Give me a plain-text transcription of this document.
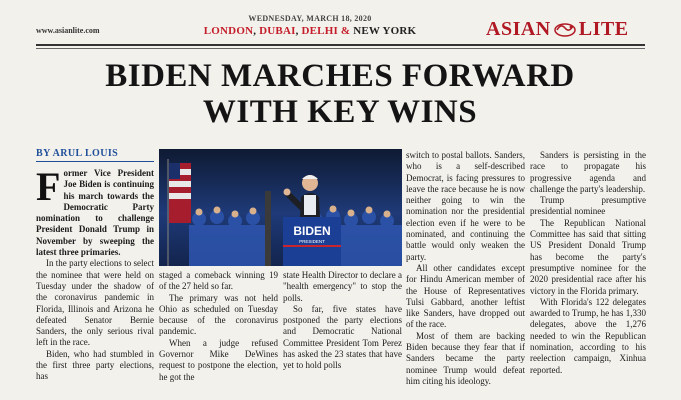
www.asianlite.com
WEDNESDAY, MARCH 18, 2020
LONDON, DUBAI, DELHI & NEW YORK	ASIAN LITE
BIDEN MARCHES FORWARD
WITH KEY WINS
BY ARUL LOUIS

Former Vice President Joe Biden is continuing his march towards the Democratic Party nomination to challenge President Donald Trump in November by sweeping the latest three primaries.

In the party elections to select the nominee that were held on Tuesday under the shadow of the coronavirus pandemic in Florida, Illinois and Arizona he defeated Senator Bernie Sanders, the only serious rival left in the race.

Biden, who had stumbled in the first three party elections, has

BIDEN
PRESIDENT

staged a comeback winning 19 of the 27 held so far.

The primary was not held Ohio as scheduled on Tuesday because of the coronavirus pandemic.

When a judge refused Governor Mike DeWines request to postpone the election, he got the

state Health Director to declare a "health emergency" to stop the polls.

So far, five states have postponed the party elections and Democratic National Committee President Tom Perez has asked the 23 states that have yet to hold polls

switch to postal ballots. Sanders, who is a self-described Democrat, is facing pressures to leave the race because he is now neither going to win the nomination nor the presidential election even if he were to be nominated, and continuing the battle would only weaken the party.

All other candidates except for Hindu American member of the House of Representatives Tulsi Gabbard, another leftist like Sanders, have dropped out of the race.

Most of them are backing Biden because they fear that if Sanders became the party nominee Trump would defeat him citing his ideology.

Sanders is persisting in the race to propagate his progressive agenda and challenge the party's leadership.

Trump presumptive presidential nominee

The Republican National Committee has said that sitting US President Donald Trump has become the party's presumptive nominee for the 2020 presidential race after his victory in the Florida primary.

With Florida's 122 delegates awarded to Trump, he has 1,330 delegates, above the 1,276 needed to win the Republican nomination, according to his reelection campaign, Xinhua reported.
